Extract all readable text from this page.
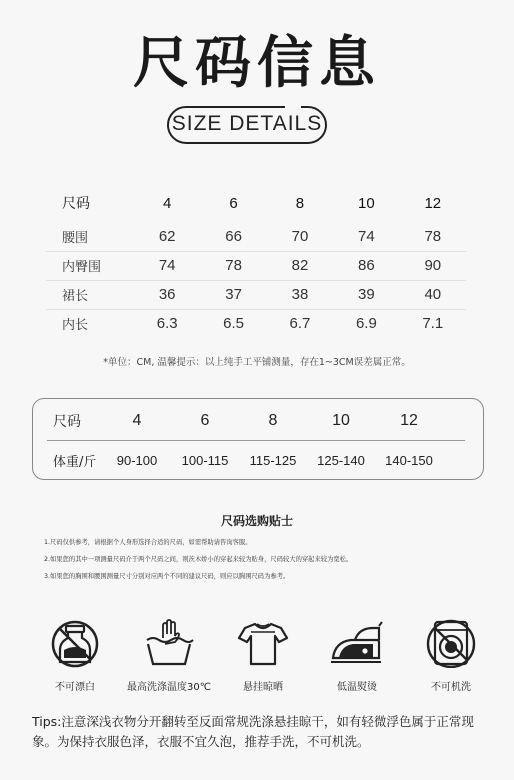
尺码信息
SIZE DETAILS
尺码	4	6	8	10	12
腰围	62	66	70	74	78
内臀围	74	78	82	86	90
裙长	36	37	38	39	40
内长	6.3	6.5	6.7	6.9	7.1
*单位：CM, 温馨提示：以上纯手工平铺测量，存在1~3CM误差属正常。
尺码	4	6	8	10	12
体重/斤	90-100	100-115	115-125	125-140	140-150
尺码选购贴士
1.尺码仅供参考，请根据个人身形选择合适的尺码，如需帮助请咨询客服。
2.如果您的其中一项测量尺码介于两个尺码之间，则茨木娇小的穿起来较为贴身，尺码较大的穿起来较为宽松。
3.如果您的胸围和腰围测量尺寸分别对应两个不同的建议尺码，则应以胸围尺码为参考。
不可漂白	最高洗涤温度30℃	悬挂晾晒	低温熨烫	不可机洗
Tips:注意深浅衣物分开翻转至反面常规洗涤悬挂晾干，如有轻微浮色属于正常现象。为保持衣服色泽，衣服不宜久泡，推荐手洗，不可机洗。
